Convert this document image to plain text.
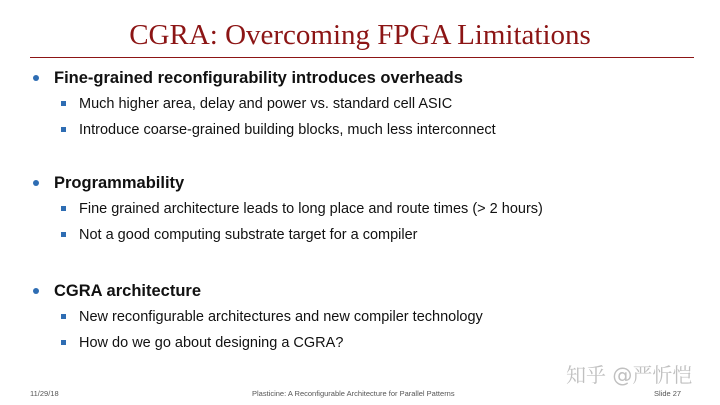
CGRA: Overcoming FPGA Limitations
Fine-grained reconfigurability introduces overheads
Much higher area, delay and power vs. standard cell ASIC
Introduce coarse-grained building blocks, much less interconnect
Programmability
Fine grained architecture leads to long place and route times (> 2 hours)
Not a good computing substrate target for a compiler
CGRA architecture
New reconfigurable architectures and new compiler technology
How do we go about designing a CGRA?
知乎 @严忻恺
11/29/18	Plasticine: A Reconfigurable Architecture for Parallel Patterns	Slide 27
